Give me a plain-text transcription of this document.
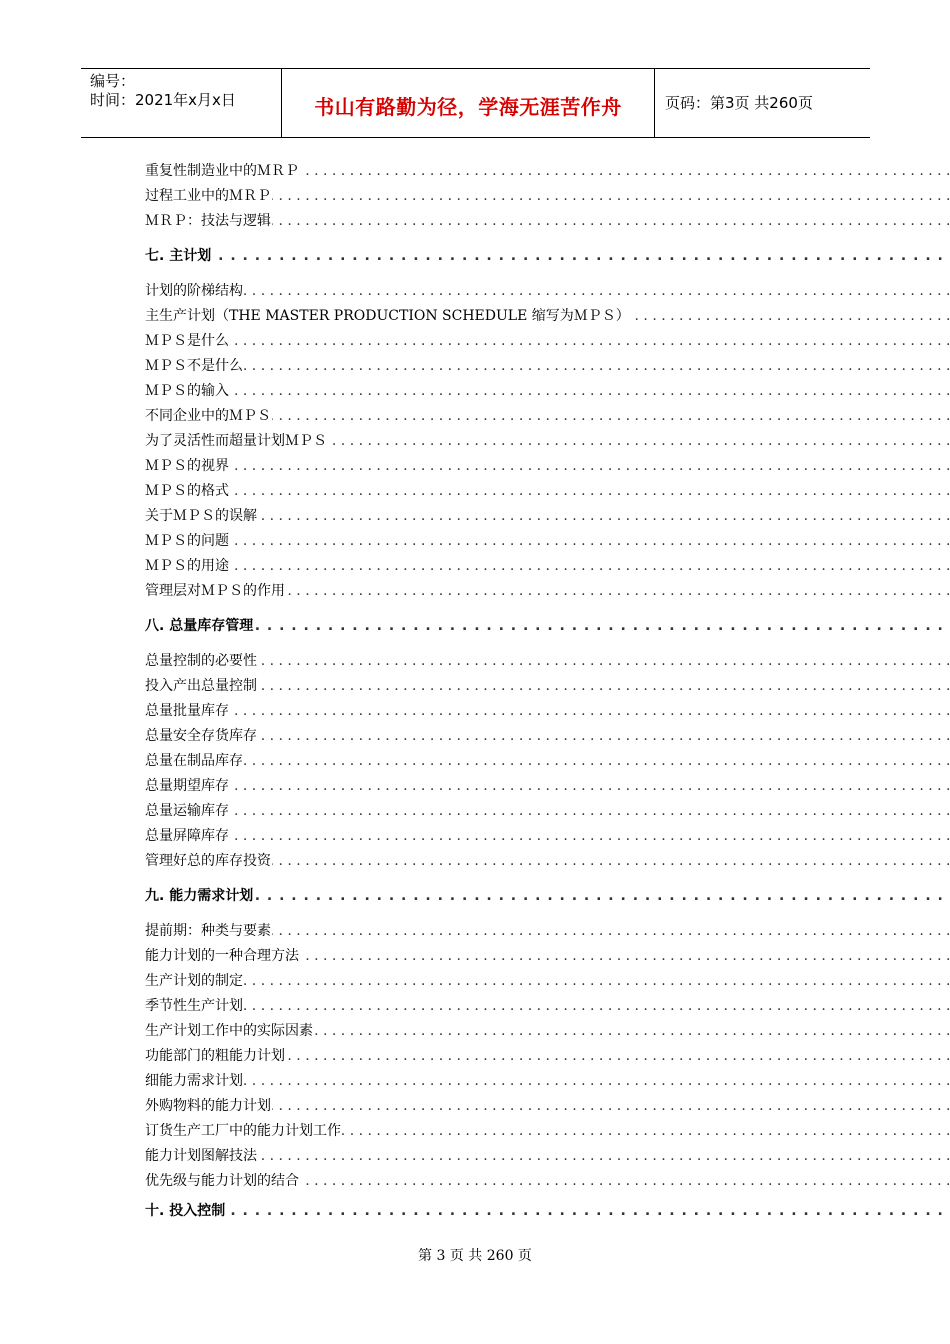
编号：
时间：2021年x月x日	书山有路勤为径，学海无涯苦作舟	页码：第3页 共260页
重复性制造业中的ＭＲＰ . . .
过程工业中的ＭＲＰ . . .
ＭＲＰ：技法与逻辑 . . .
七. 主计划 . . .
计划的阶梯结构 . . .
主生产计划（THE MASTER PRODUCTION SCHEDULE 缩写为ＭＰＳ） . . .
ＭＰＳ是什么 . . .
ＭＰＳ不是什么 . . .
ＭＰＳ的输入 . . .
不同企业中的ＭＰＳ . . .
为了灵活性而超量计划ＭＰＳ . . .
ＭＰＳ的视界 . . .
ＭＰＳ的格式 . . .
关于ＭＰＳ的误解 . . .
ＭＰＳ的问题 . . .
ＭＰＳ的用途 . . .
管理层对ＭＰＳ的作用 . . .
八. 总量库存管理 . . .
总量控制的必要性 . . .
投入产出总量控制 . . .
总量批量库存 . . .
总量安全存货库存 . . .
总量在制品库存 . . .
总量期望库存 . . .
总量运输库存 . . .
总量屏障库存 . . .
管理好总的库存投资 . . .
九. 能力需求计划 . . .
提前期：种类与要素 . . .
能力计划的一种合理方法 . . .
生产计划的制定 . . .
季节性生产计划 . . .
生产计划工作中的实际因素 . . .
功能部门的粗能力计划 . . .
细能力需求计划 . . .
外购物料的能力计划 . . .
订货生产工厂中的能力计划工作 . . .
能力计划图解技法 . . .
优先级与能力计划的结合 . . .
十. 投入控制 . . .
第 3 页 共 260 页
